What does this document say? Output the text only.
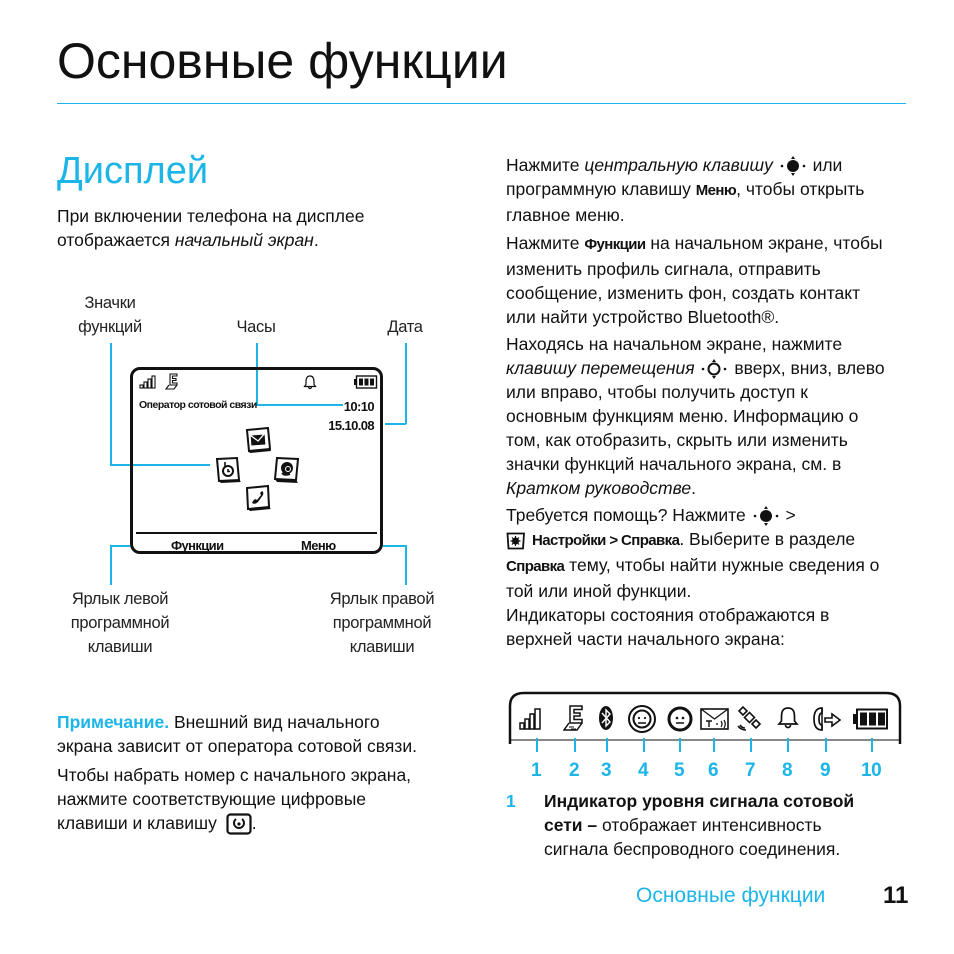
Основные функции
Дисплей
При включении телефона на дисплее
отображается начальный экран.
Значки
функций	Часы	Дата
Оператор сотовой связи	10:10
15.10.08
Функции	Меню
Ярлык левой
программной
клавиши
Ярлык правой
программной
клавиши
Примечание. Внешний вид начального
экрана зависит от оператора сотовой связи.
Чтобы набрать номер с начального экрана,
нажмите соответствующие цифровые
клавиши и клавишу .
Нажмите центральную клавишу  или
программную клавишу Меню, чтобы открыть
главное меню.
Нажмите Функции на начальном экране, чтобы
изменить профиль сигнала, отправить
сообщение, изменить фон, создать контакт
или найти устройство Bluetooth®.
Находясь на начальном экране, нажмите
клавишу перемещения  вверх, вниз, влево
или вправо, чтобы получить доступ к
основным функциям меню. Информацию о
том, как отобразить, скрыть или изменить
значки функций начального экрана, см. в
Кратком руководстве.
Требуется помощь? Нажмите  >
Настройки > Справка. Выберите в разделе
Справка тему, чтобы найти нужные сведения о
той или иной функции.
Индикаторы состояния отображаются в
верхней части начального экрана:
1 2 3 4 5 6 7 8 9 10
1 Индикатор уровня сигнала сотовой
сети – отображает интенсивность
сигнала беспроводного соединения.
Основные функции 11
